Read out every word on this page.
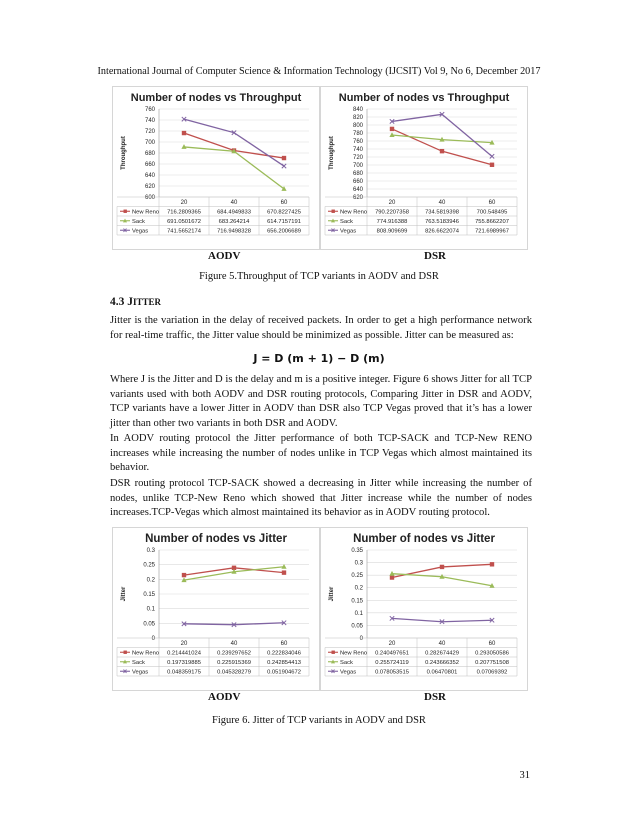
International Journal of Computer Science & Information Technology (IJCSIT) Vol 9, No 6, December 2017
Number of nodes vs Throughput
Throughput
600
620
640
660
680
700
720
740
760
20	40	60
New Reno 716.2809365	684.4949833	670.8227425
Sack	691.0501672	683.264214	614.7157191
Vegas	741.5652174	716.9498328	656.2006689
Number of nodes vs Throughput
Throughput
620
640
660
680
700
720
740
760
780
800
820
840
20	40	60
New Reno 790.2207358	734.5819398	700.548495
Sack	774.916388	763.5183946	755.8662207
Vegas	808.909699	826.6622074	721.6989967
AODV	DSR
Figure 5.Throughput of TCP variants in AODV and DSR
4.3 JITTER

Jitter is the variation in the delay of received packets. In order to get a high performance network for real-time traffic, the Jitter value should be minimized as possible. Jitter can be measured as:

J = D (m + 1) − D (m)

Where J is the Jitter and D is the delay and m is a positive integer. Figure 6 shows Jitter for all TCP variants used with both AODV and DSR routing protocols, Comparing Jitter in DSR and AODV, TCP variants have a lower Jitter in AODV than DSR also TCP Vegas proved that it’s has a lower jitter than other two variants in both DSR and AODV.

In AODV routing protocol the Jitter performance of both TCP-SACK and TCP-New RENO increases while increasing the number of nodes unlike in TCP Vegas which almost maintained its behavior.

DSR routing protocol TCP-SACK showed a decreasing in Jitter while increasing the number of nodes, unlike TCP-New Reno which showed that Jitter increase while the number of nodes increases.TCP-Vegas which almost maintained its behavior as in AODV routing protocol.

Number of nodes vs Jitter
Jitter
0
0.05
0.1
0.15
0.2
0.25
0.3
20	40	60
New Reno 0.214441024	0.239297652	0.222834046
Sack	0.197319885	0.225915369	0.242854413
Vegas	0.048359175	0.045328279	0.051904672
Number of nodes vs Jitter
Jitter
0
0.05
0.1
0.15
0.2
0.25
0.3
0.35
20	40	60
New Reno 0.240497651	0.282674429	0.293050586
Sack	0.255724119	0.243666352	0.207751508
Vegas	0.078053515	0.06470801	0.07069392
AODV	DSR
Figure 6. Jitter of TCP variants in AODV and DSR
31
